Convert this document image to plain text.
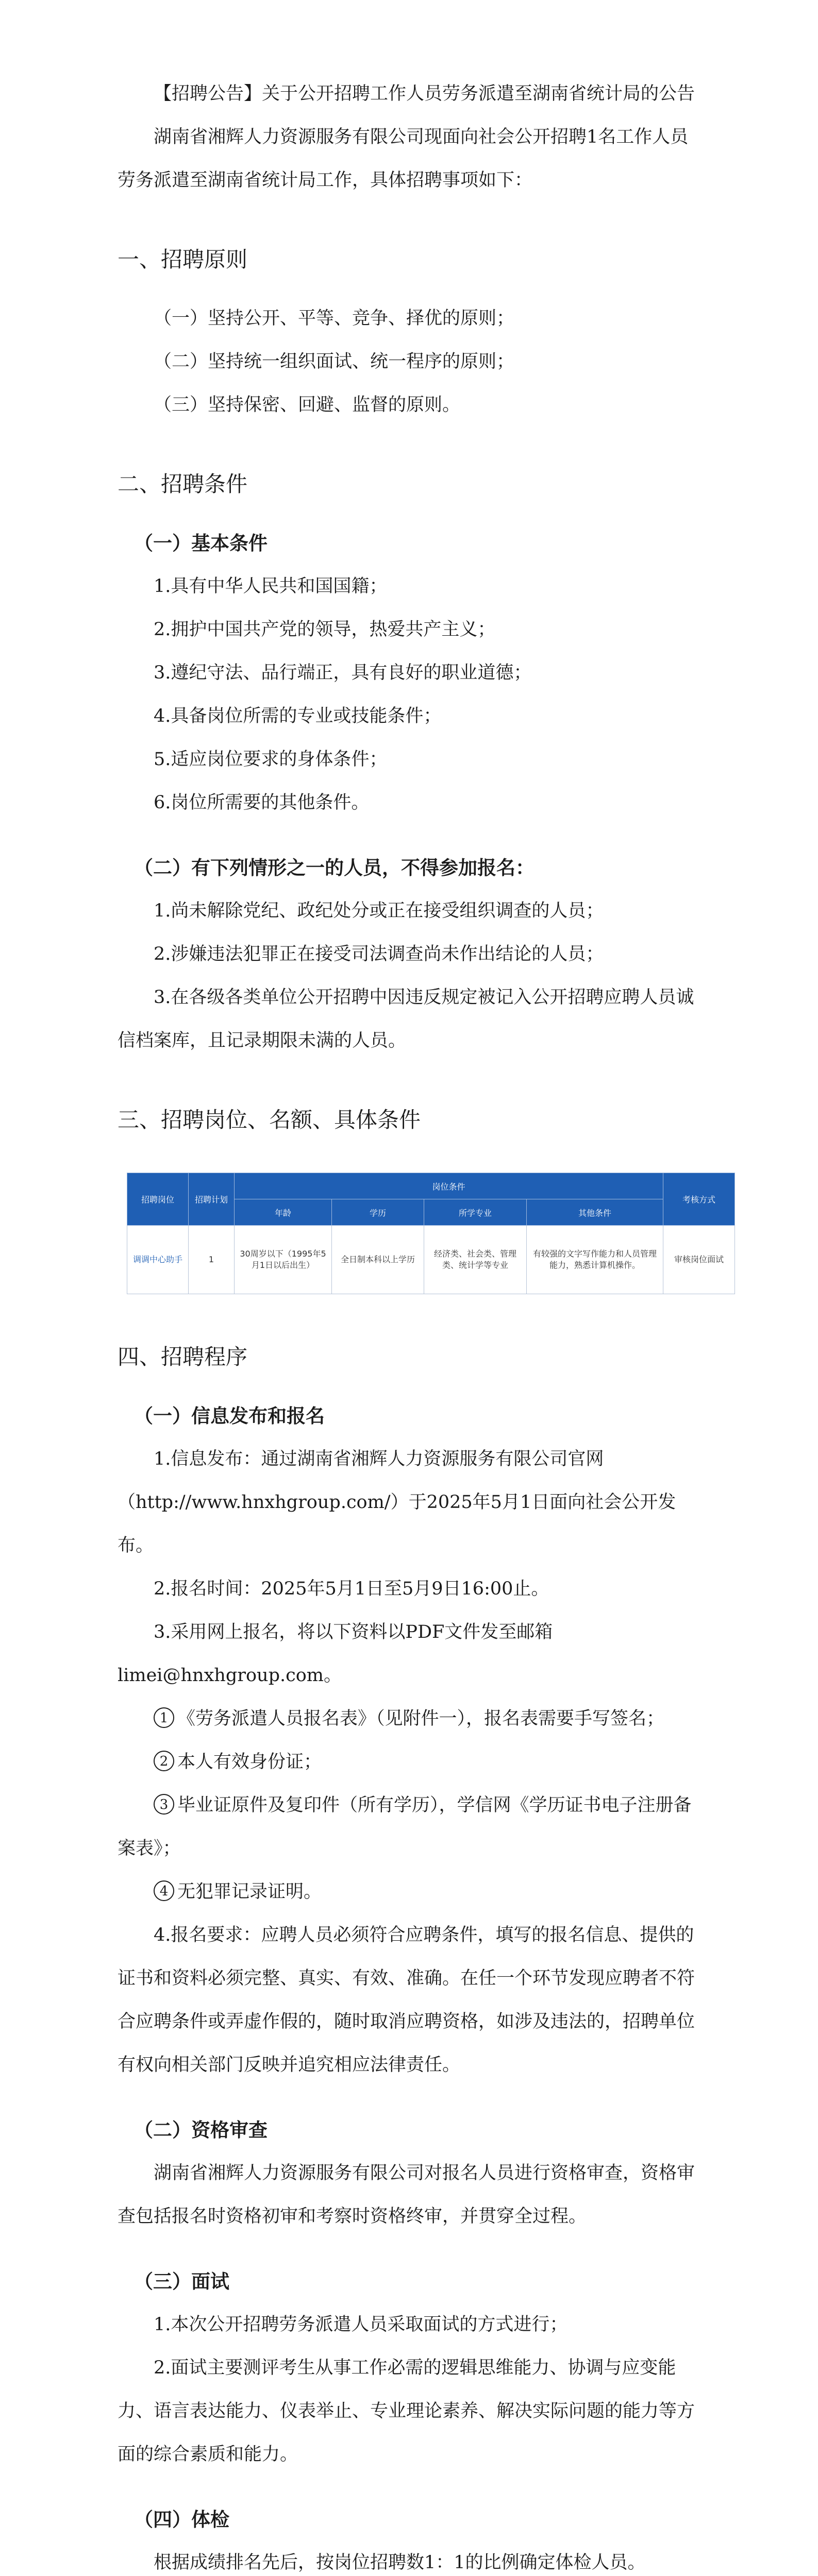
【招聘公告】关于公开招聘工作人员劳务派遣至湖南省统计局的公告

湖南省湘辉人力资源服务有限公司现面向社会公开招聘1名工作人员劳务派遣至湖南省统计局工作，具体招聘事项如下：

一、招聘原则

（一）坚持公开、平等、竞争、择优的原则；

（二）坚持统一组织面试、统一程序的原则；

（三）坚持保密、回避、监督的原则。

二、招聘条件
（一）基本条件

1.具有中华人民共和国国籍；

2.拥护中国共产党的领导，热爱共产主义；

3.遵纪守法、品行端正，具有良好的职业道德；

4.具备岗位所需的专业或技能条件；

5.适应岗位要求的身体条件；

6.岗位所需要的其他条件。

（二）有下列情形之一的人员，不得参加报名：

1.尚未解除党纪、政纪处分或正在接受组织调查的人员；

2.涉嫌违法犯罪正在接受司法调查尚未作出结论的人员；

3.在各级各类单位公开招聘中因违反规定被记入公开招聘应聘人员诚信档案库，且记录期限未满的人员。

三、招聘岗位、名额、具体条件
招聘岗位	招聘计划	岗位条件				考核方式
		年龄	学历	所学专业	其他条件	
调调中心助手	1	30周岁以下（1995年5月1日以后出生）	全日制本科以上学历	经济类、社会类、管理类、统计学等专业	有较强的文字写作能力和人员管理能力，熟悉计算机操作。	审核岗位面试
四、招聘程序
（一）信息发布和报名

1.信息发布：通过湖南省湘辉人力资源服务有限公司官网

（http://www.hnxhgroup.com/）于2025年5月1日面向社会公开发布。

2.报名时间：2025年5月1日至5月9日16:00止。

3.采用网上报名，将以下资料以PDF文件发至邮箱

limei@hnxhgroup.com。

1 《劳务派遣人员报名表》（见附件一），报名表需要手写签名；

2 本人有效身份证；

3 毕业证原件及复印件（所有学历），学信网《学历证书电子注册备案表》；

4 无犯罪记录证明。

4.报名要求：应聘人员必须符合应聘条件，填写的报名信息、提供的证书和资料必须完整、真实、有效、准确。在任一个环节发现应聘者不符合应聘条件或弄虚作假的，随时取消应聘资格，如涉及违法的，招聘单位有权向相关部门反映并追究相应法律责任。

（二）资格审查

湖南省湘辉人力资源服务有限公司对报名人员进行资格审查，资格审查包括报名时资格初审和考察时资格终审，并贯穿全过程。

（三）面试

1.本次公开招聘劳务派遣人员采取面试的方式进行；

2.面试主要测评考生从事工作必需的逻辑思维能力、协调与应变能力、语言表达能力、仪表举止、专业理论素养、解决实际问题的能力等方面的综合素质和能力。

（四）体检

根据成绩排名先后，按岗位招聘数1：1的比例确定体检人员。
